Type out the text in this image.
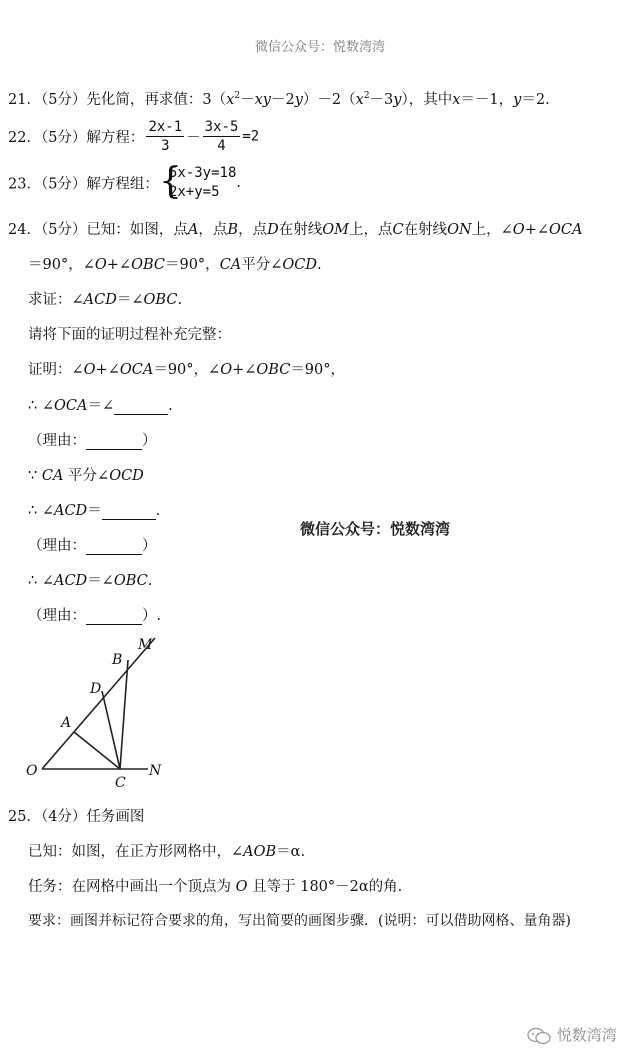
微信公众号：悦数湾湾
21．（5分）先化简，再求值：$3(x^2-xy-2y)-2(x^2-3y)$，其中x＝－1，y＝2.
22．（5分）解方程： $\frac{2x-1}{3} - \frac{3x-5}{4} =2$
23．（5分）解方程组： {
5x-3y=18
2x+y=5
.
24．（5分）已知：如图，点A，点B，点D在射线OM上，点C在射线ON上，∠O+∠OCA
＝90°，∠O+∠OBC＝90°，CA平分∠OCD.
求证：∠ACD＝∠OBC.
请将下面的证明过程补充完整：
证明：∠O+∠OCA＝90°，∠O+∠OBC＝90°，
∴ ∠OCA＝∠	.
（理由：	）
∵ CA 平分∠OCD
∴ ∠ACD＝	.
微信公众号：悦数湾湾
（理由：	）
∴ ∠ACD＝∠OBC.
（理由：	）.
M
B
D
A
O
C
N
25．（4分）任务画图
已知：如图，在正方形网格中，∠AOB＝α.
任务：在网格中画出一个顶点为 O 且等于 180°－2α的角.
要求：画图并标记符合要求的角，写出简要的画图步骤．(说明：可以借助网格、量角器)
悦数湾湾
